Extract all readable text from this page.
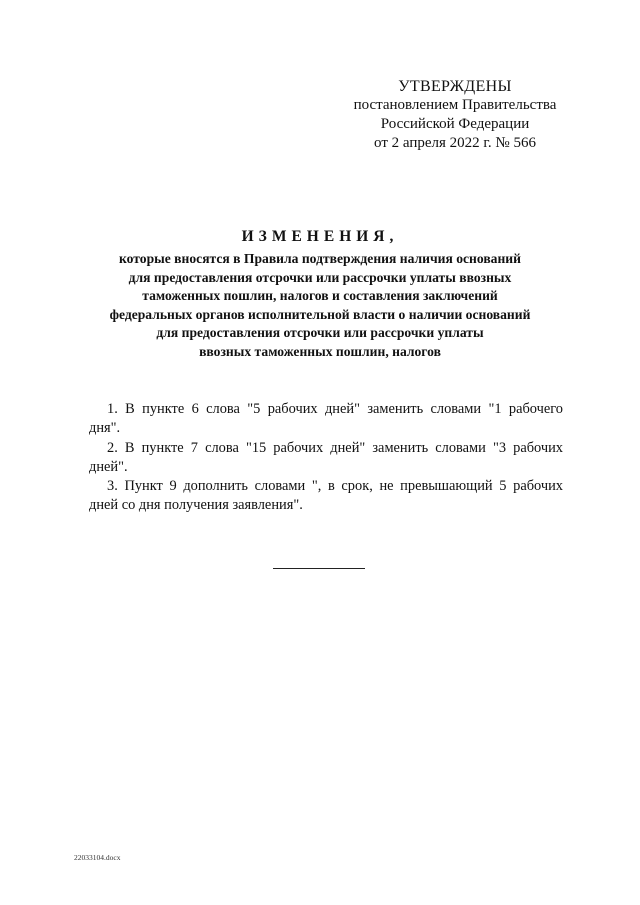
УТВЕРЖДЕНЫ
постановлением Правительства
Российской Федерации
от 2 апреля 2022 г. № 566
ИЗМЕНЕНИЯ,
которые вносятся в Правила подтверждения наличия оснований
для предоставления отсрочки или рассрочки уплаты ввозных
таможенных пошлин, налогов и составления заключений
федеральных органов исполнительной власти о наличии оснований
для предоставления отсрочки или рассрочки уплаты
ввозных таможенных пошлин, налогов
1. В пункте 6 слова "5 рабочих дней" заменить словами "1 рабочего
дня".
2. В пункте 7 слова "15 рабочих дней" заменить словами "3 рабочих
дней".
3. Пункт 9 дополнить словами ", в срок, не превышающий 5 рабочих
дней со дня получения заявления".
22033104.docx
